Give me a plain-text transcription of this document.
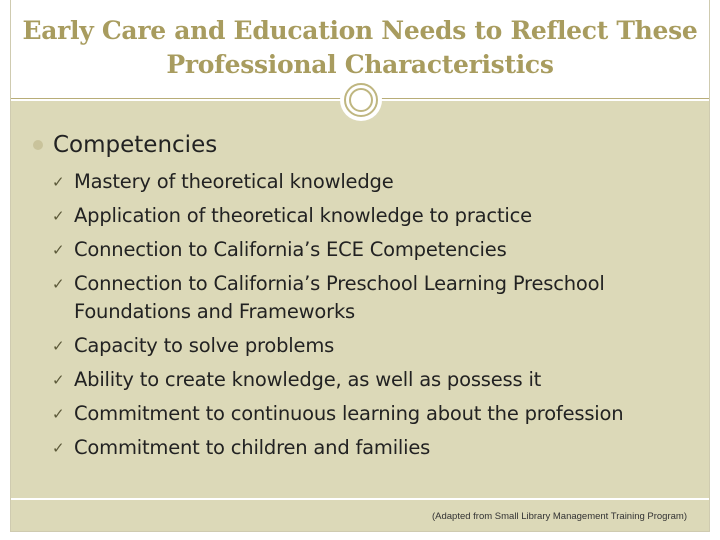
Early Care and Education Needs to Reflect These Professional Characteristics
Competencies
✓ Mastery of theoretical knowledge
✓ Application of theoretical knowledge to practice
✓ Connection to California’s ECE Competencies
✓ Connection to California’s Preschool Learning Preschool Foundations and Frameworks
✓ Capacity to solve problems
✓ Ability to create knowledge, as well as possess it
✓ Commitment to continuous learning about the profession
✓ Commitment to children and families
(Adapted from Small Library Management Training Program)
